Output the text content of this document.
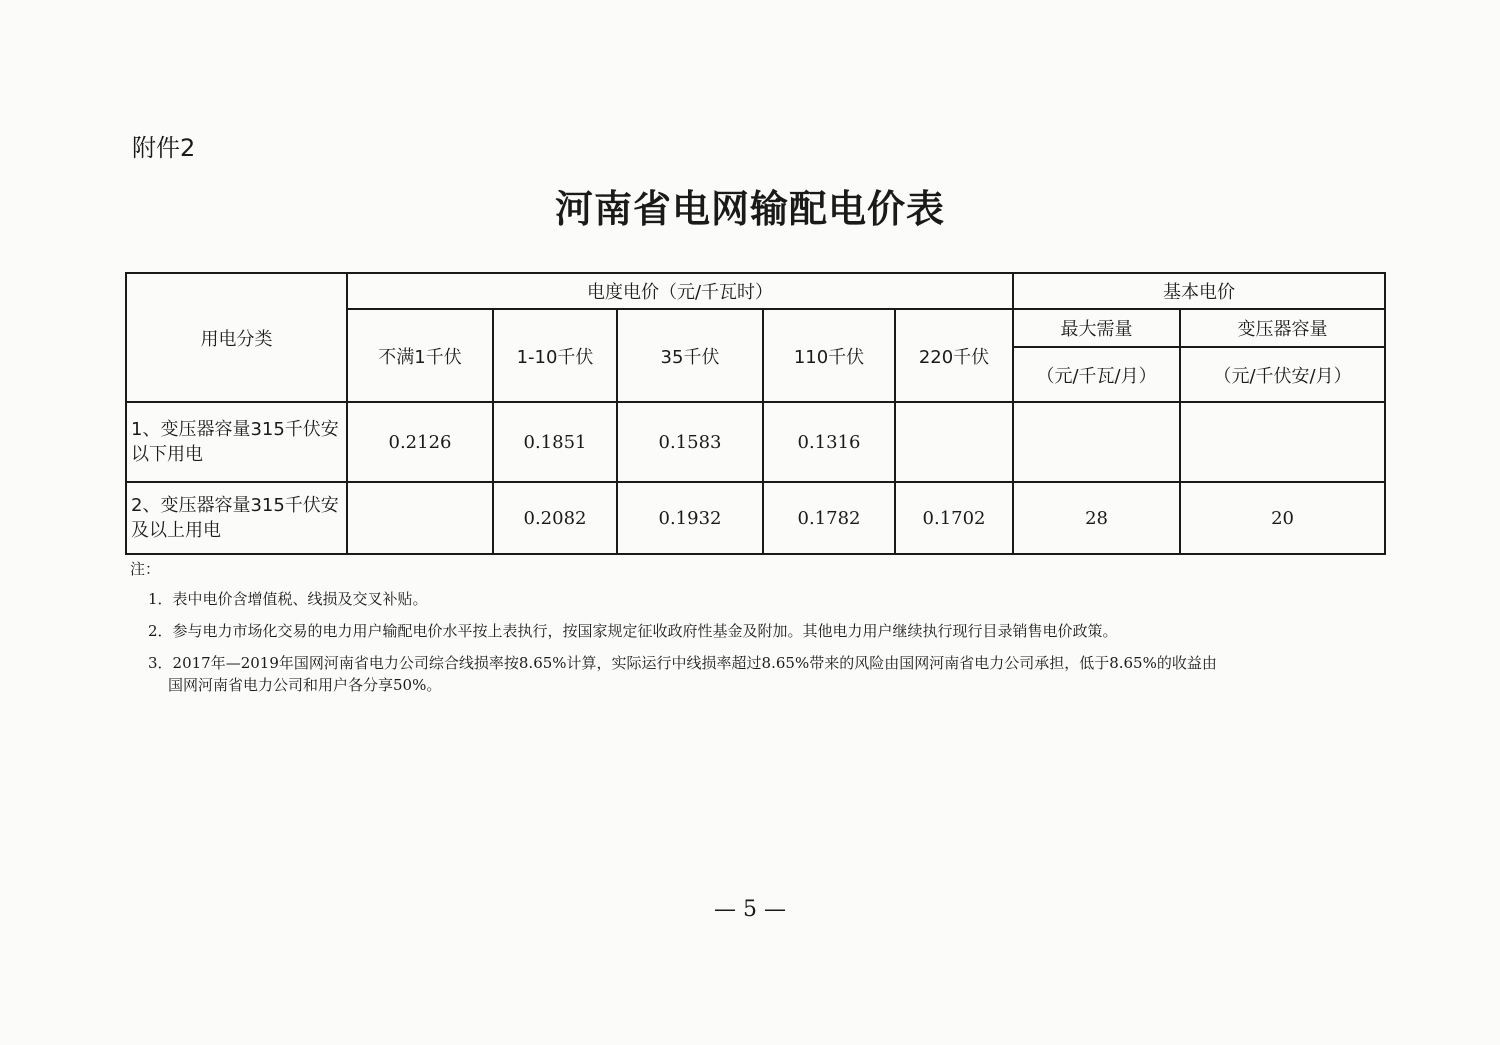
附件2
河南省电网输配电价表
用电分类	电度电价（元/千瓦时）					基本电价	
	不满1千伏	1-10千伏	35千伏	110千伏	220千伏	最大需量	变压器容量
						（元/千瓦/月）	（元/千伏安/月）
1、变压器容量315千伏安以下用电	0.2126	0.1851	0.1583	0.1316			
2、变压器容量315千伏安及以上用电		0.2082	0.1932	0.1782	0.1702	28	20
注：
1．表中电价含增值税、线损及交叉补贴。
2．参与电力市场化交易的电力用户输配电价水平按上表执行，按国家规定征收政府性基金及附加。其他电力用户继续执行现行目录销售电价政策。
3．2017年—2019年国网河南省电力公司综合线损率按8.65%计算，实际运行中线损率超过8.65%带来的风险由国网河南省电力公司承担，低于8.65%的收益由
国网河南省电力公司和用户各分享50%。
— 5 —
